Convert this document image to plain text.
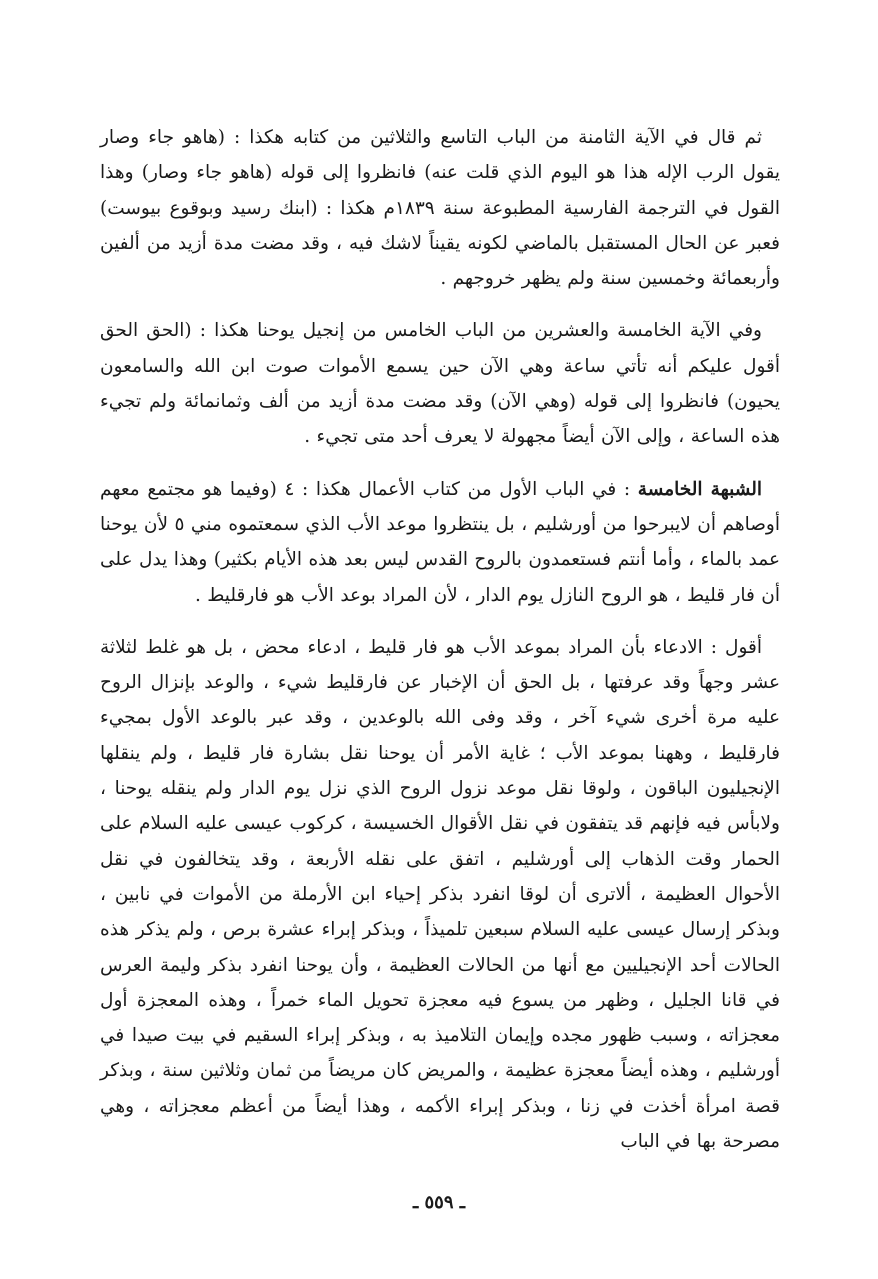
ثم قال في الآية الثامنة من الباب التاسع والثلاثين من كتابه هكذا : (هاهو جاء وصار يقول الرب الإله هذا هو اليوم الذي قلت عنه) فانظروا إلى قوله (هاهو جاء وصار) وهذا القول في الترجمة الفارسية المطبوعة سنة ١٨٣٩م هكذا : (ابنك رسيد وبوقوع بيوست) فعبر عن الحال المستقبل بالماضي لكونه يقيناً لاشك فيه ، وقد مضت مدة أزيد من ألفين وأربعمائة وخمسين سنة ولم يظهر خروجهم .

وفي الآية الخامسة والعشرين من الباب الخامس من إنجيل يوحنا هكذا : (الحق الحق أقول عليكم أنه تأتي ساعة وهي الآن حين يسمع الأموات صوت ابن الله والسامعون يحيون) فانظروا إلى قوله (وهي الآن) وقد مضت مدة أزيد من ألف وثمانمائة ولم تجيء هذه الساعة ، وإلى الآن أيضاً مجهولة لا يعرف أحد متى تجيء .

الشبهة الخامسة : في الباب الأول من كتاب الأعمال هكذا : ٤ (وفيما هو مجتمع معهم أوصاهم أن لايبرحوا من أورشليم ، بل ينتظروا موعد الأب الذي سمعتموه مني ٥ لأن يوحنا عمد بالماء ، وأما أنتم فستعمدون بالروح القدس ليس بعد هذه الأيام بكثير) وهذا يدل على أن فار قليط ، هو الروح النازل يوم الدار ، لأن المراد بوعد الأب هو فارقليط .

أقول : الادعاء بأن المراد بموعد الأب هو فار قليط ، ادعاء محض ، بل هو غلط لثلاثة عشر وجهاً وقد عرفتها ، بل الحق أن الإخبار عن فارقليط شيء ، والوعد بإنزال الروح عليه مرة أخرى شيء آخر ، وقد وفى الله بالوعدين ، وقد عبر بالوعد الأول بمجيء فارقليط ، وههنا بموعد الأب ؛ غاية الأمر أن يوحنا نقل بشارة فار قليط ، ولم ينقلها الإنجيليون الباقون ، ولوقا نقل موعد نزول الروح الذي نزل يوم الدار ولم ينقله يوحنا ، ولابأس فيه فإنهم قد يتفقون في نقل الأقوال الخسيسة ، كركوب عيسى عليه السلام على الحمار وقت الذهاب إلى أورشليم ، اتفق على نقله الأربعة ، وقد يتخالفون في نقل الأحوال العظيمة ، ألاترى أن لوقا انفرد بذكر إحياء ابن الأرملة من الأموات في نابين ، وبذكر إرسال عيسى عليه السلام سبعين تلميذاً ، وبذكر إبراء عشرة برص ، ولم يذكر هذه الحالات أحد الإنجيليين مع أنها من الحالات العظيمة ، وأن يوحنا انفرد بذكر وليمة العرس في قانا الجليل ، وظهر من يسوع فيه معجزة تحويل الماء خمراً ، وهذه المعجزة أول معجزاته ، وسبب ظهور مجده وإيمان التلاميذ به ، وبذكر إبراء السقيم في بيت صيدا في أورشليم ، وهذه أيضاً معجزة عظيمة ، والمريض كان مريضاً من ثمان وثلاثين سنة ، وبذكر قصة امرأة أخذت في زنا ، وبذكر إبراء الأكمه ، وهذا أيضاً من أعظم معجزاته ، وهي مصرحة بها في الباب

ـ ٥٥٩ ـ
